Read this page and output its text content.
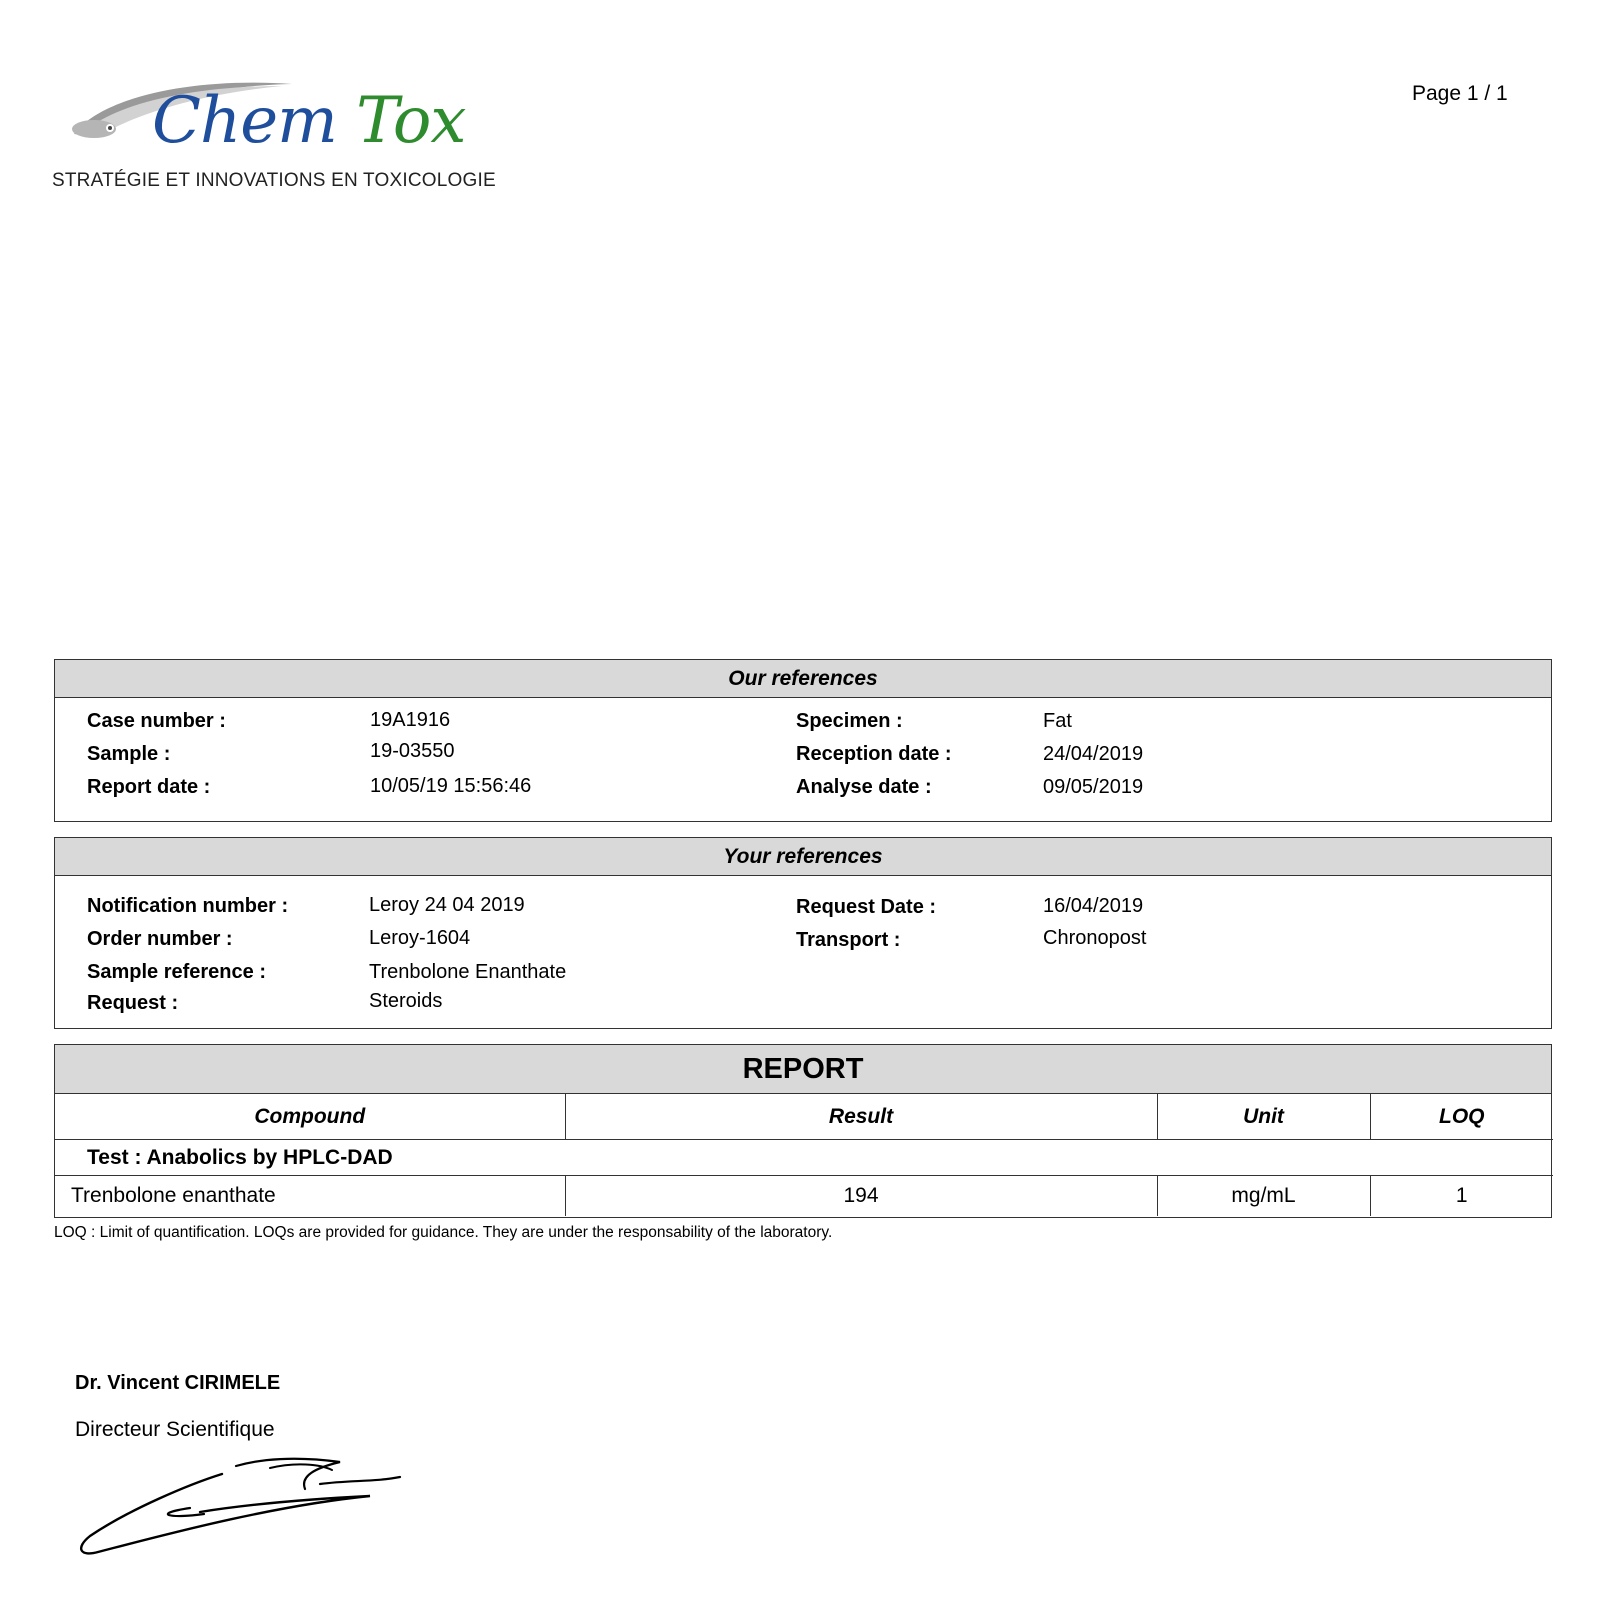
Chem Tox
STRATÉGIE ET INNOVATIONS EN TOXICOLOGIE
Page 1 / 1
Our references
Case number :	19A1916
Sample :	19-03550
Report date :	10/05/19 15:56:46
Specimen :	Fat
Reception date :	24/04/2019
Analyse date :	09/05/2019
Your references
Notification number :	Leroy 24 04 2019
Order number :	Leroy-1604
Sample reference :	Trenbolone Enanthate
Request :	Steroids
Request Date :	16/04/2019
Transport :	Chronopost
REPORT
Compound	Result	Unit	LOQ
Test : Anabolics by HPLC-DAD			
Trenbolone enanthate	194	mg/mL	1
LOQ : Limit of quantification. LOQs are provided for guidance. They are under the responsability of the laboratory.
Dr. Vincent CIRIMELE
Directeur Scientifique
